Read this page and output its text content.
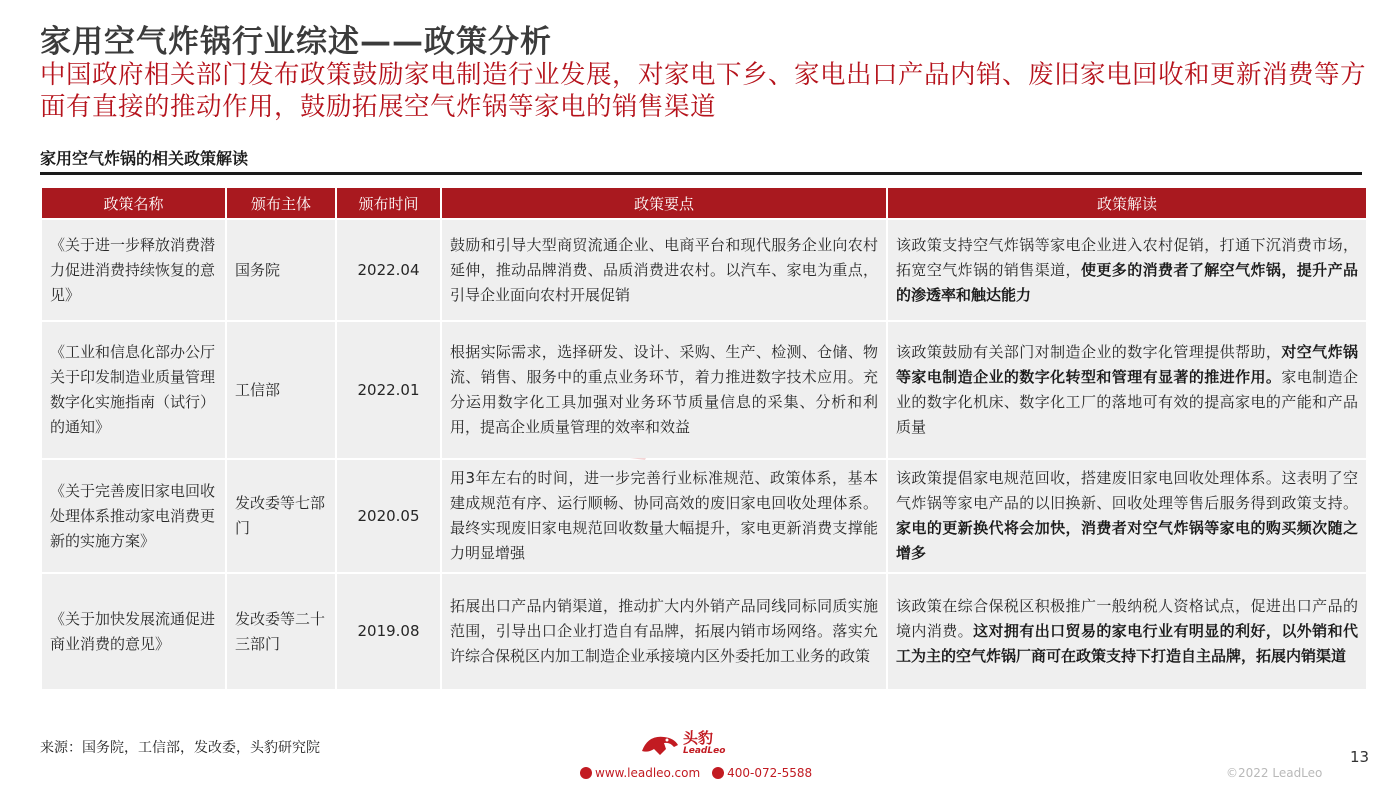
家用空气炸锅行业综述——政策分析
中国政府相关部门发布政策鼓励家电制造行业发展，对家电下乡、家电出口产品内销、废旧家电回收和更新消费等方面有直接的推动作用，鼓励拓展空气炸锅等家电的销售渠道
家用空气炸锅的相关政策解读
政策名称	颁布主体	颁布时间	政策要点	政策解读
《关于进一步释放消费潜力促进消费持续恢复的意见》	国务院	2022.04	鼓励和引导大型商贸流通企业、电商平台和现代服务企业向农村延伸，推动品牌消费、品质消费进农村。以汽车、家电为重点，引导企业面向农村开展促销	该政策支持空气炸锅等家电企业进入农村促销，打通下沉消费市场，拓宽空气炸锅的销售渠道，使更多的消费者了解空气炸锅，提升产品的渗透率和触达能力
《工业和信息化部办公厅关于印发制造业质量管理数字化实施指南（试行）的通知》	工信部	2022.01	根据实际需求，选择研发、设计、采购、生产、检测、仓储、物流、销售、服务中的重点业务环节，着力推进数字技术应用。充分运用数字化工具加强对业务环节质量信息的采集、分析和利用，提高企业质量管理的效率和效益	该政策鼓励有关部门对制造企业的数字化管理提供帮助，对空气炸锅等家电制造企业的数字化转型和管理有显著的推进作用。家电制造企业的数字化机床、数字化工厂的落地可有效的提高家电的产能和产品质量
《关于完善废旧家电回收处理体系推动家电消费更新的实施方案》	发改委等七部门	2020.05	用3年左右的时间，进一步完善行业标准规范、政策体系，基本建成规范有序、运行顺畅、协同高效的废旧家电回收处理体系。最终实现废旧家电规范回收数量大幅提升，家电更新消费支撑能力明显增强	该政策提倡家电规范回收，搭建废旧家电回收处理体系。这表明了空气炸锅等家电产品的以旧换新、回收处理等售后服务得到政策支持。家电的更新换代将会加快，消费者对空气炸锅等家电的购买频次随之增多
《关于加快发展流通促进商业消费的意见》	发改委等二十三部门	2019.08	拓展出口产品内销渠道，推动扩大内外销产品同线同标同质实施范围，引导出口企业打造自有品牌，拓展内销市场网络。落实允许综合保税区内加工制造企业承接境内区外委托加工业务的政策	该政策在综合保税区积极推广一般纳税人资格试点，促进出口产品的境内消费。这对拥有出口贸易的家电行业有明显的利好，以外销和代工为主的空气炸锅厂商可在政策支持下打造自主品牌，拓展内销渠道
来源：国务院，工信部，发改委，头豹研究院
头豹
LeadLeo
www.leadleo.com 400-072-5588	©2022 LeadLeo
13
